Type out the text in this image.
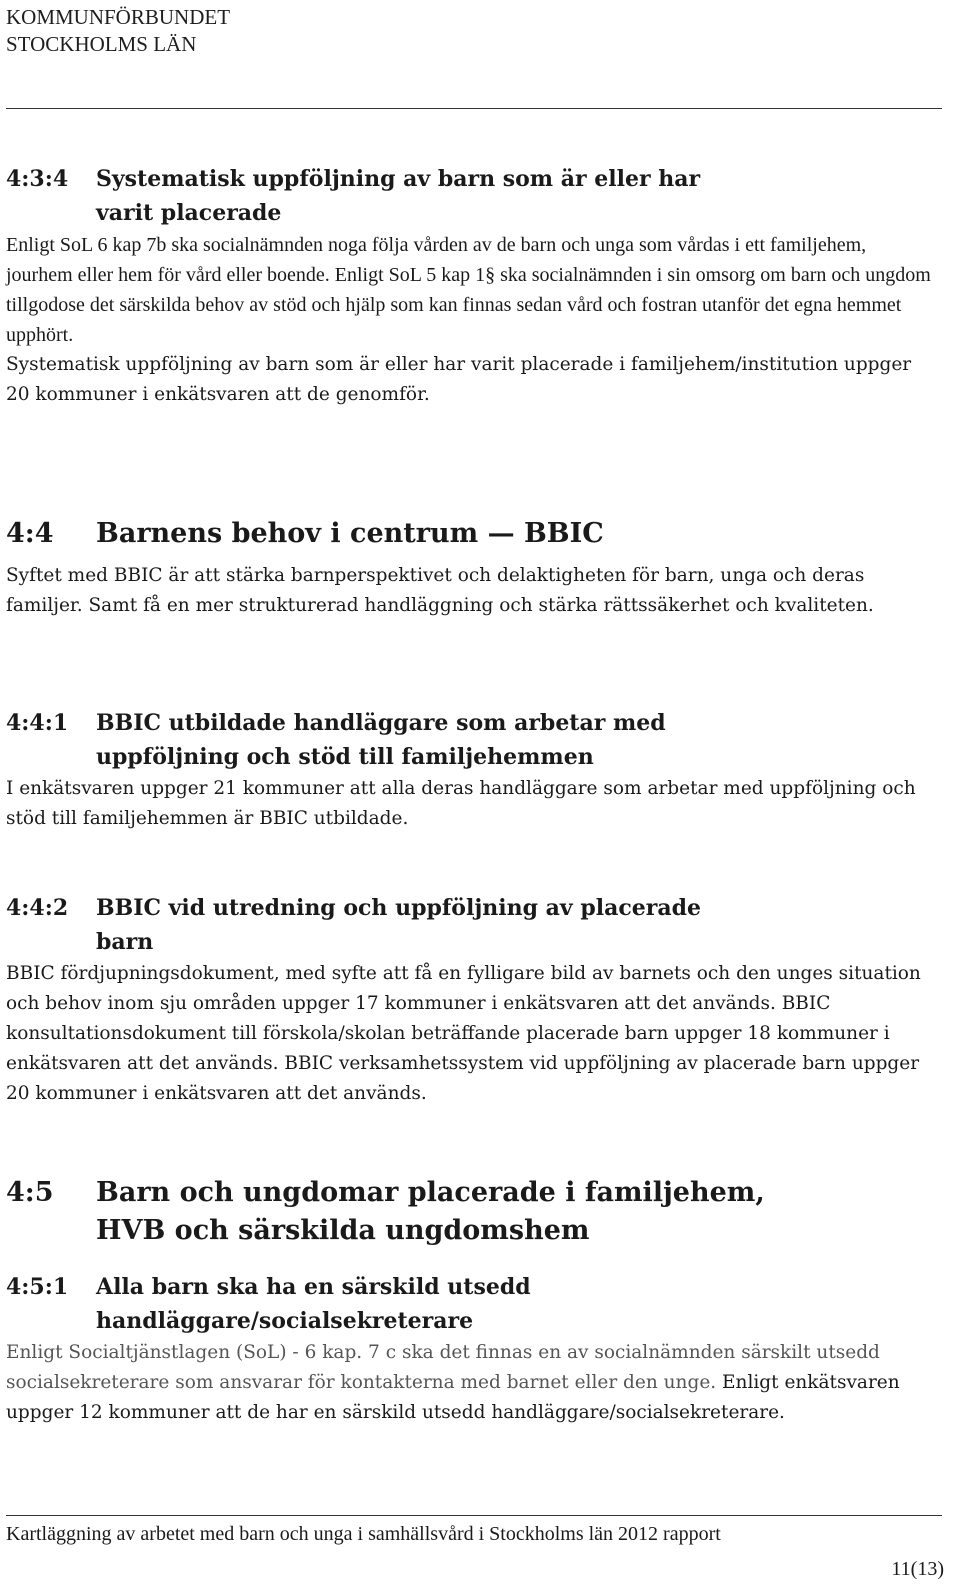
KOMMUNFÖRBUNDET
STOCKHOLMS LÄN
4:3:4 Systematisk uppföljning av barn som är eller har varit placerade

Enligt SoL 6 kap 7b ska socialnämnden noga följa vården av de barn och unga som vårdas i ett familjehem, jourhem eller hem för vård eller boende. Enligt SoL 5 kap 1§ ska socialnämnden i sin omsorg om barn och ungdom tillgodose det särskilda behov av stöd och hjälp som kan finnas sedan vård och fostran utanför det egna hemmet upphört.

Systematisk uppföljning av barn som är eller har varit placerade i familjehem/institution uppger 20 kommuner i enkätsvaren att de genomför.

4:4 Barnens behov i centrum — BBIC

Syftet med BBIC är att stärka barnperspektivet och delaktigheten för barn, unga och deras familjer. Samt få en mer strukturerad handläggning och stärka rättssäkerhet och kvaliteten.

4:4:1 BBIC utbildade handläggare som arbetar med uppföljning och stöd till familjehemmen

I enkätsvaren uppger 21 kommuner att alla deras handläggare som arbetar med uppföljning och stöd till familjehemmen är BBIC utbildade.

4:4:2 BBIC vid utredning och uppföljning av placerade barn

BBIC fördjupningsdokument, med syfte att få en fylligare bild av barnets och den unges situation och behov inom sju områden uppger 17 kommuner i enkätsvaren att det används. BBIC konsultationsdokument till förskola/skolan beträffande placerade barn uppger 18 kommuner i enkätsvaren att det används. BBIC verksamhetssystem vid uppföljning av placerade barn uppger 20 kommuner i enkätsvaren att det används.

4:5 Barn och ungdomar placerade i familjehem, HVB och särskilda ungdomshem
4:5:1 Alla barn ska ha en särskild utsedd handläggare/socialsekreterare

Enligt Socialtjänstlagen (SoL) - 6 kap. 7 c ska det finnas en av socialnämnden särskilt utsedd socialsekreterare som ansvarar för kontakterna med barnet eller den unge. Enligt enkätsvaren uppger 12 kommuner att de har en särskild utsedd handläggare/socialsekreterare.

Kartläggning av arbetet med barn och unga i samhällsvård i Stockholms län 2012 rapport
11(13)
